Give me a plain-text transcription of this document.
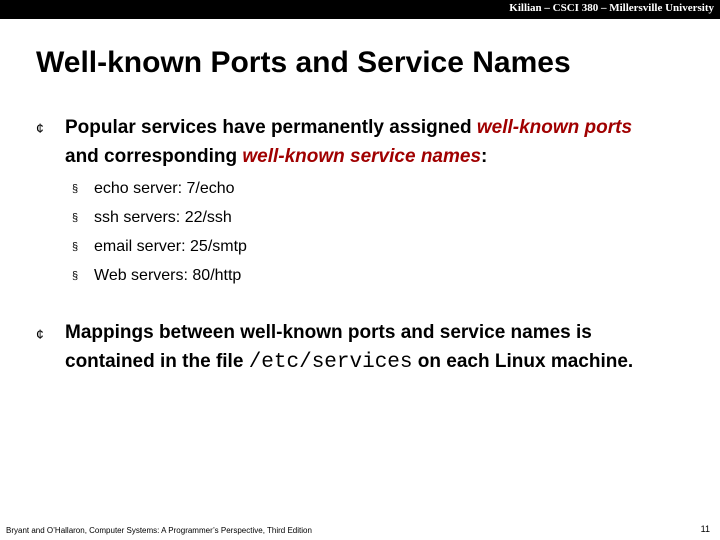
Killian – CSCI 380 – Millersville University
Well-known Ports and Service Names
¢ Popular services have permanently assigned well-known ports and corresponding well-known service names:
§ echo server: 7/echo
§ ssh servers: 22/ssh
§ email server: 25/smtp
§ Web servers: 80/http
¢ Mappings between well-known ports and service names is contained in the file /etc/services on each Linux machine.
Bryant and O’Hallaron, Computer Systems: A Programmer’s Perspective, Third Edition	11
